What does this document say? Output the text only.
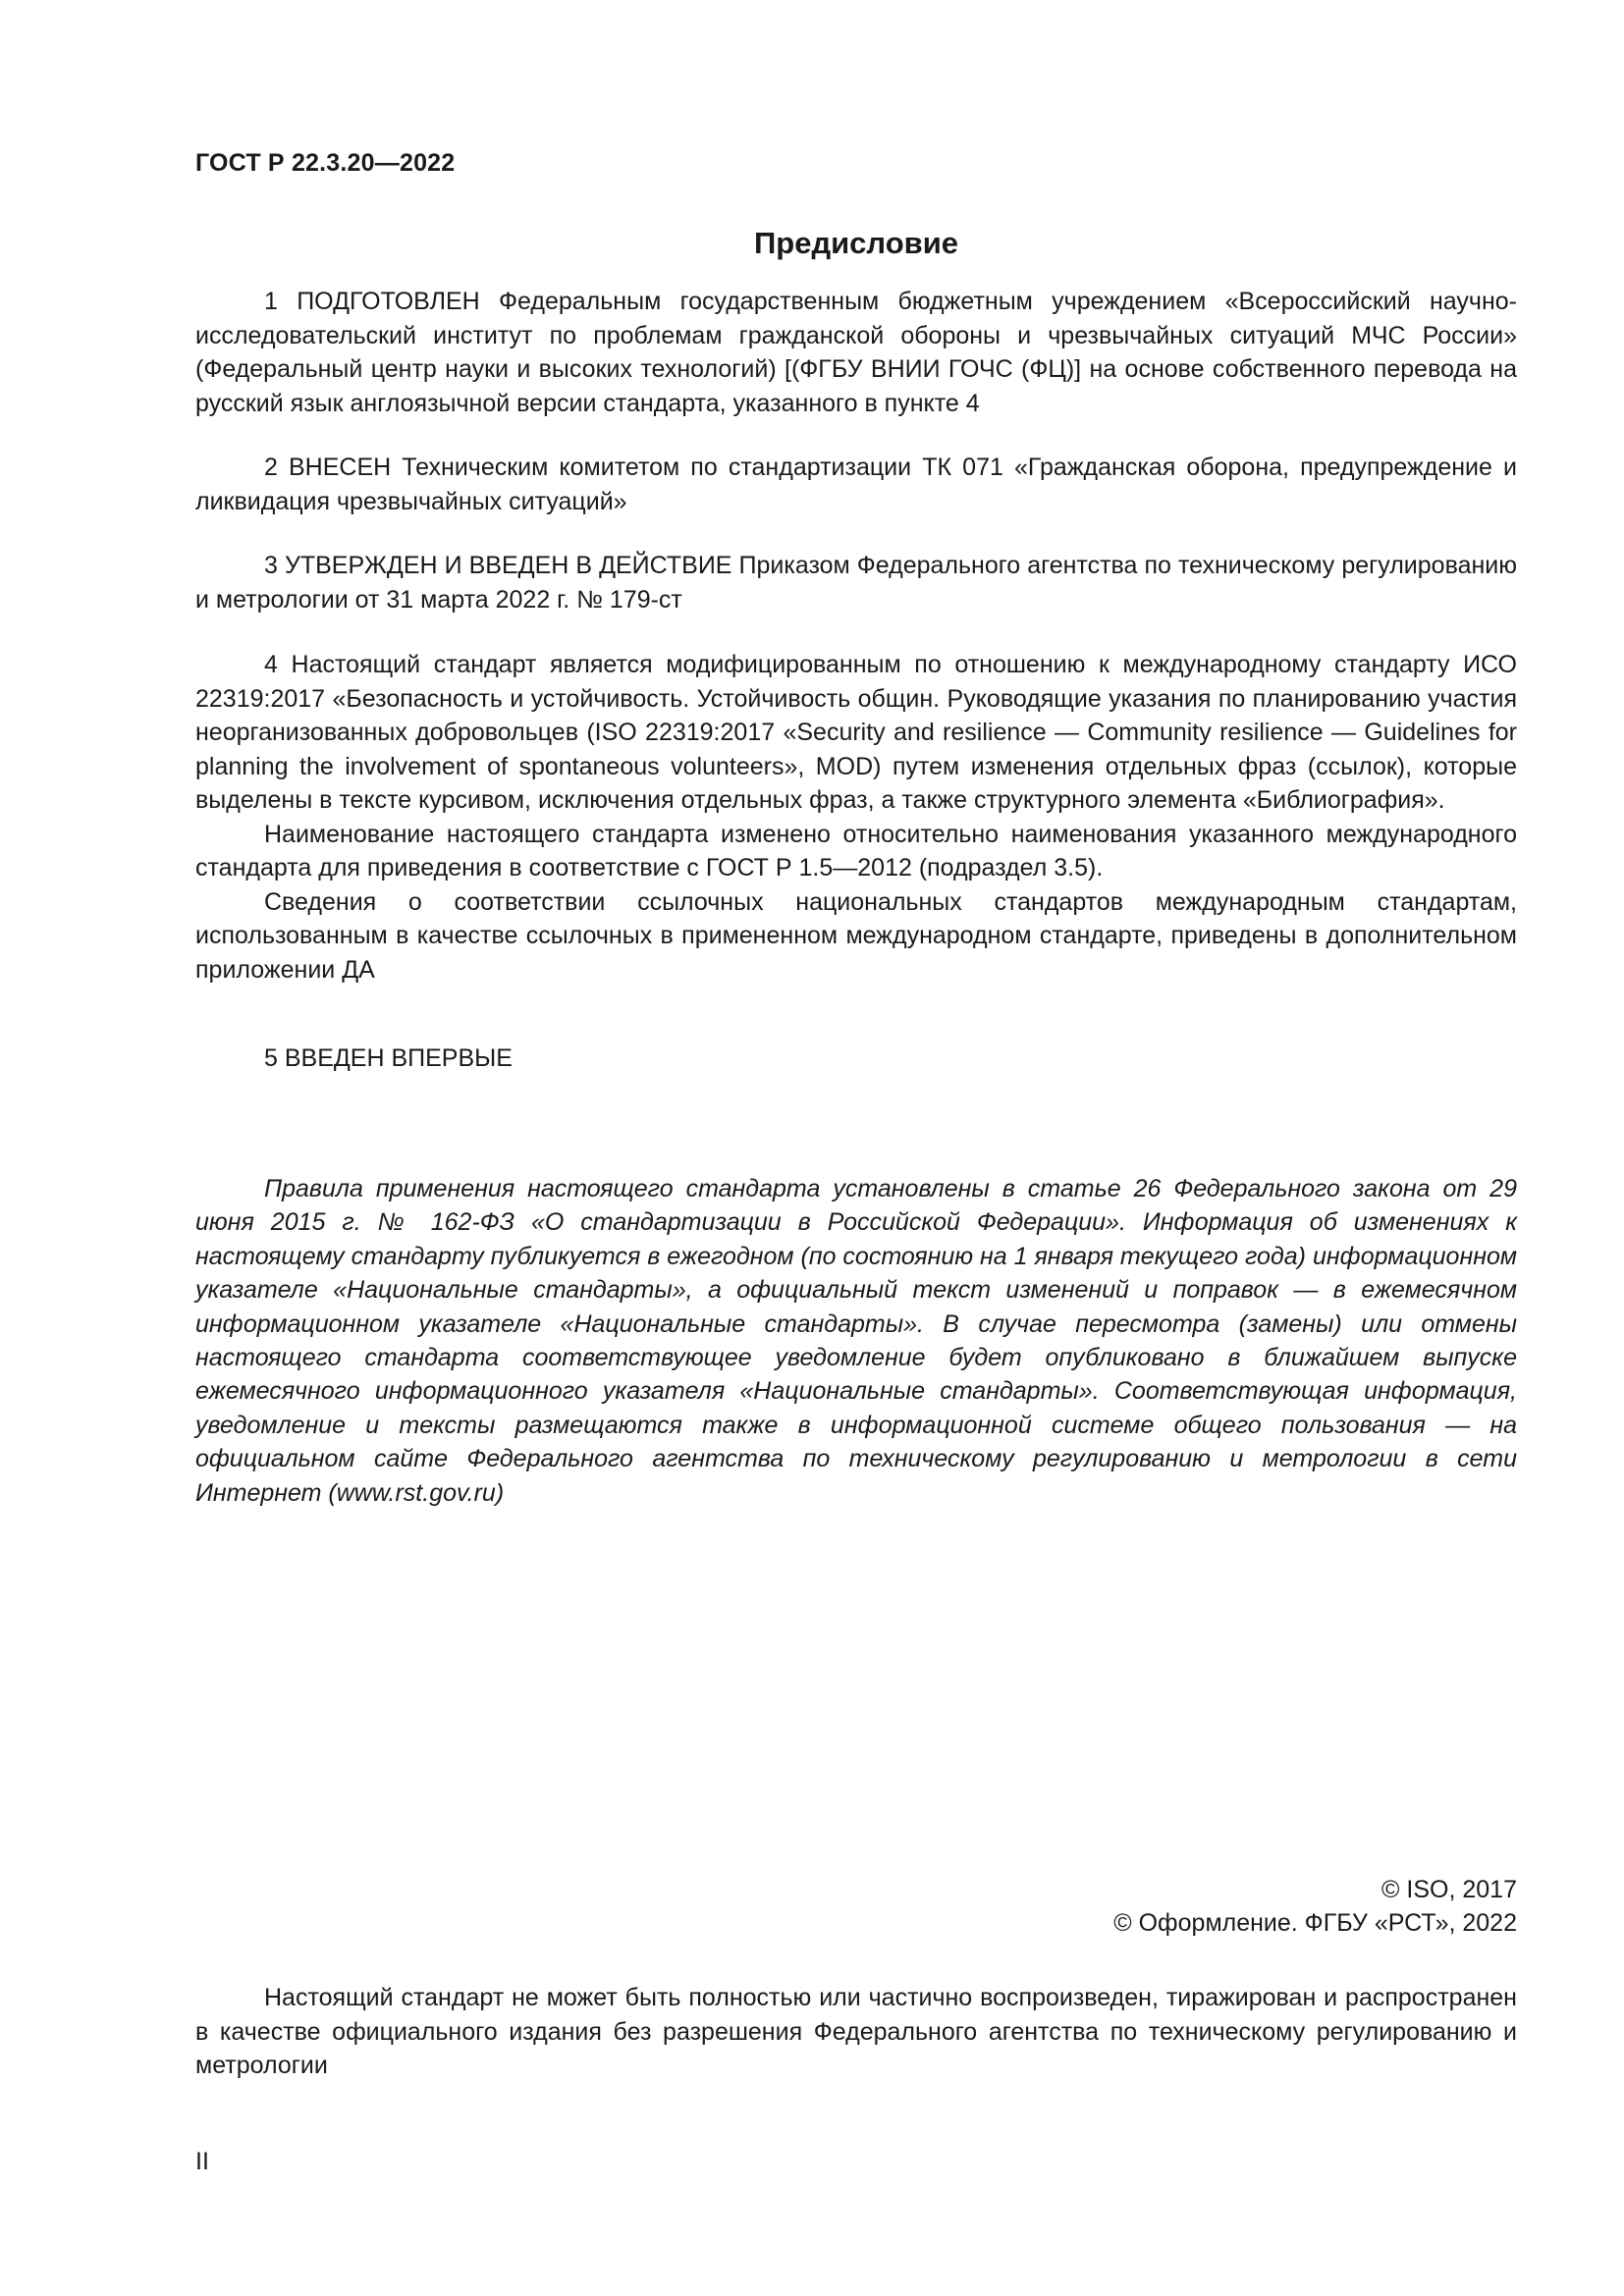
ГОСТ Р 22.3.20—2022
Предисловие

1 ПОДГОТОВЛЕН Федеральным государственным бюджетным учреждением «Всероссийский научно-исследовательский институт по проблемам гражданской обороны и чрезвычайных ситуаций МЧС России» (Федеральный центр науки и высоких технологий) [(ФГБУ ВНИИ ГОЧС (ФЦ)] на основе собственного перевода на русский язык англоязычной версии стандарта, указанного в пункте 4

2 ВНЕСЕН Техническим комитетом по стандартизации ТК 071 «Гражданская оборона, предупреждение и ликвидация чрезвычайных ситуаций»

3 УТВЕРЖДЕН И ВВЕДЕН В ДЕЙСТВИЕ Приказом Федерального агентства по техническому регулированию и метрологии от 31 марта 2022 г. № 179-ст

4 Настоящий стандарт является модифицированным по отношению к международному стандарту ИСО 22319:2017 «Безопасность и устойчивость. Устойчивость общин. Руководящие указания по планированию участия неорганизованных добровольцев (ISO 22319:2017 «Security and resilience — Community resilience — Guidelines for planning the involvement of spontaneous volunteers», MOD) путем изменения отдельных фраз (ссылок), которые выделены в тексте курсивом, исключения отдельных фраз, а также структурного элемента «Библиография».

Наименование настоящего стандарта изменено относительно наименования указанного международного стандарта для приведения в соответствие с ГОСТ Р 1.5—2012 (подраздел 3.5).

Сведения о соответствии ссылочных национальных стандартов международным стандартам, использованным в качестве ссылочных в примененном международном стандарте, приведены в дополнительном приложении ДА

5 ВВЕДЕН ВПЕРВЫЕ

Правила применения настоящего стандарта установлены в статье 26 Федерального закона от 29 июня 2015 г. № 162-ФЗ «О стандартизации в Российской Федерации». Информация об изменениях к настоящему стандарту публикуется в ежегодном (по состоянию на 1 января текущего года) информационном указателе «Национальные стандарты», а официальный текст изменений и поправок — в ежемесячном информационном указателе «Национальные стандарты». В случае пересмотра (замены) или отмены настоящего стандарта соответствующее уведомление будет опубликовано в ближайшем выпуске ежемесячного информационного указателя «Национальные стандарты». Соответствующая информация, уведомление и тексты размещаются также в информационной системе общего пользования — на официальном сайте Федерального агентства по техническому регулированию и метрологии в сети Интернет (www.rst.gov.ru)

© ISO, 2017
© Оформление. ФГБУ «РСТ», 2022

Настоящий стандарт не может быть полностью или частично воспроизведен, тиражирован и распространен в качестве официального издания без разрешения Федерального агентства по техническому регулированию и метрологии

II
